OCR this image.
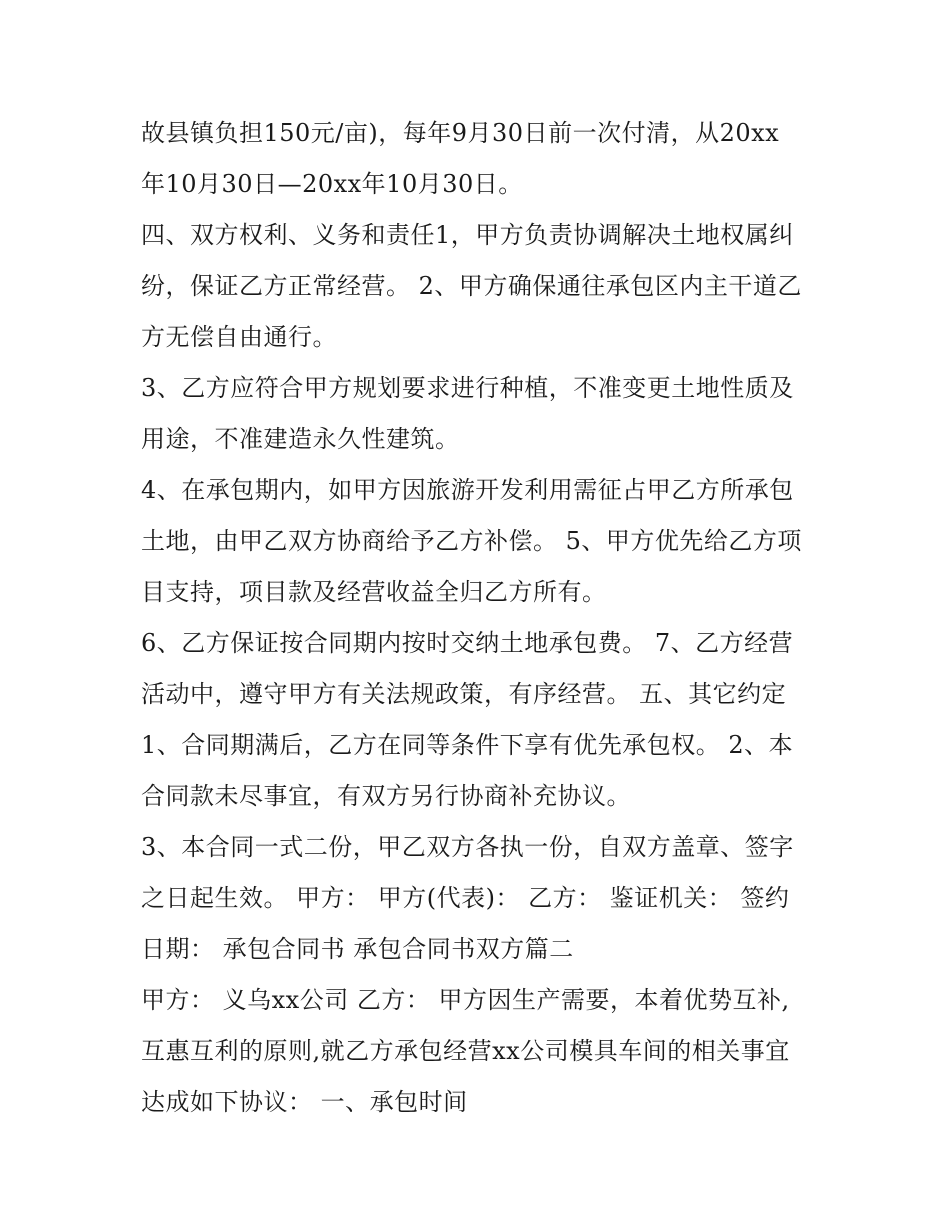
故县镇负担150元/亩)，每年9月30日前一次付清，从20xx
年10月30日—20xx年10月30日。
四、双方权利、义务和责任1，甲方负责协调解决土地权属纠
纷，保证乙方正常经营。 2、甲方确保通往承包区内主干道乙
方无偿自由通行。
3、乙方应符合甲方规划要求进行种植，不准变更土地性质及
用途，不准建造永久性建筑。
4、在承包期内，如甲方因旅游开发利用需征占甲乙方所承包
土地，由甲乙双方协商给予乙方补偿。 5、甲方优先给乙方项
目支持，项目款及经营收益全归乙方所有。
6、乙方保证按合同期内按时交纳土地承包费。 7、乙方经营
活动中，遵守甲方有关法规政策，有序经营。 五、其它约定
1、合同期满后，乙方在同等条件下享有优先承包权。 2、本
合同款未尽事宜，有双方另行协商补充协议。
3、本合同一式二份，甲乙双方各执一份，自双方盖章、签字
之日起生效。 甲方： 甲方(代表)： 乙方： 鉴证机关： 签约
日期： 承包合同书 承包合同书双方篇二
甲方： 义乌xx公司 乙方： 甲方因生产需要，本着优势互补,
互惠互利的原则,就乙方承包经营xx公司模具车间的相关事宜
达成如下协议： 一、承包时间
